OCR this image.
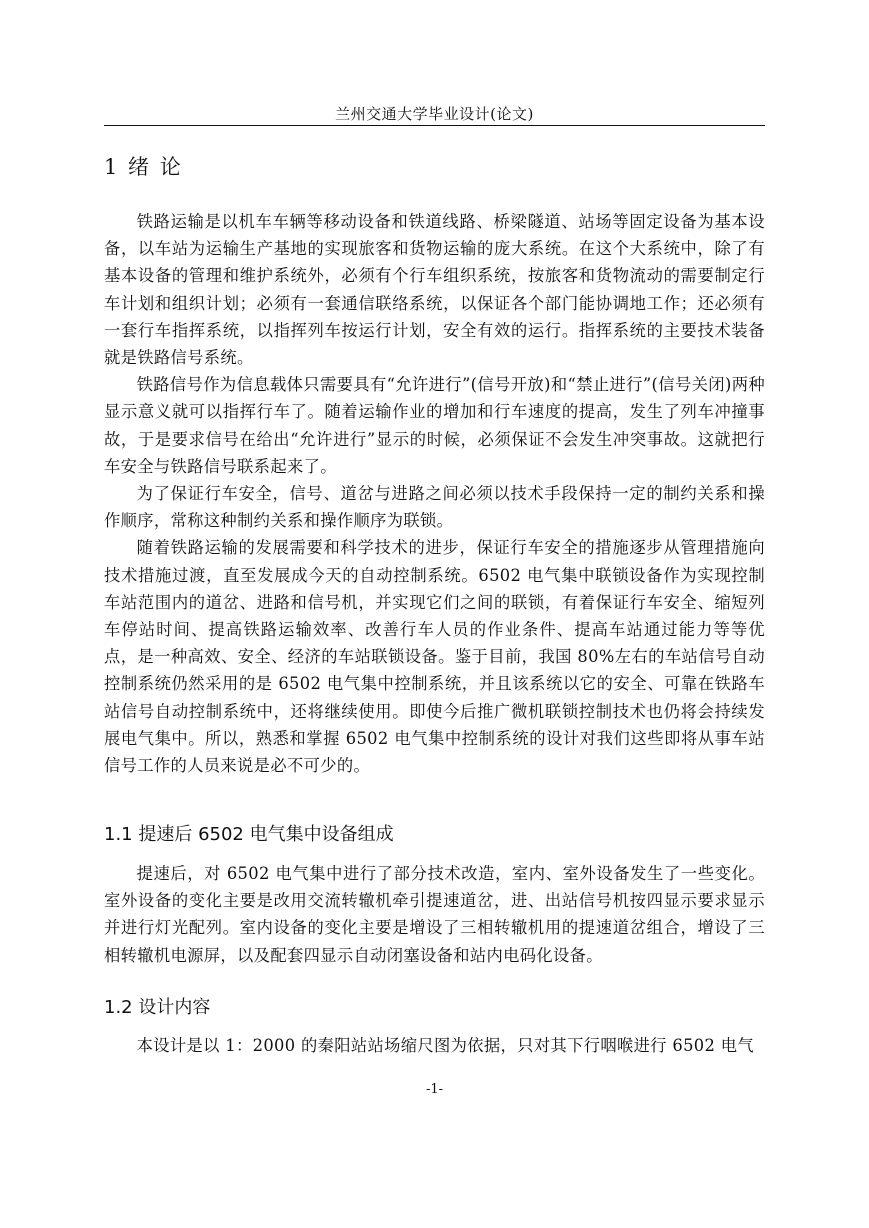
兰州交通大学毕业设计(论文)
1 绪 论

铁路运输是以机车车辆等移动设备和铁道线路、桥梁隧道、站场等固定设备为基本设备，以车站为运输生产基地的实现旅客和货物运输的庞大系统。在这个大系统中，除了有基本设备的管理和维护系统外，必须有个行车组织系统，按旅客和货物流动的需要制定行车计划和组织计划；必须有一套通信联络系统，以保证各个部门能协调地工作；还必须有一套行车指挥系统，以指挥列车按运行计划，安全有效的运行。指挥系统的主要技术装备就是铁路信号系统。

铁路信号作为信息载体只需要具有“允许进行”(信号开放)和“禁止进行”(信号关闭)两种显示意义就可以指挥行车了。随着运输作业的增加和行车速度的提高，发生了列车冲撞事故，于是要求信号在给出“允许进行”显示的时候，必须保证不会发生冲突事故。这就把行车安全与铁路信号联系起来了。

为了保证行车安全，信号、道岔与进路之间必须以技术手段保持一定的制约关系和操作顺序，常称这种制约关系和操作顺序为联锁。

随着铁路运输的发展需要和科学技术的进步，保证行车安全的措施逐步从管理措施向技术措施过渡，直至发展成今天的自动控制系统。6502 电气集中联锁设备作为实现控制车站范围内的道岔、进路和信号机，并实现它们之间的联锁，有着保证行车安全、缩短列车停站时间、提高铁路运输效率、改善行车人员的作业条件、提高车站通过能力等等优点，是一种高效、安全、经济的车站联锁设备。鉴于目前，我国 80%左右的车站信号自动控制系统仍然采用的是 6502 电气集中控制系统，并且该系统以它的安全、可靠在铁路车站信号自动控制系统中，还将继续使用。即使今后推广微机联锁控制技术也仍将会持续发展电气集中。所以，熟悉和掌握 6502 电气集中控制系统的设计对我们这些即将从事车站信号工作的人员来说是必不可少的。

1.1 提速后 6502 电气集中设备组成

提速后，对 6502 电气集中进行了部分技术改造，室内、室外设备发生了一些变化。室外设备的变化主要是改用交流转辙机牵引提速道岔，进、出站信号机按四显示要求显示并进行灯光配列。室内设备的变化主要是增设了三相转辙机用的提速道岔组合，增设了三相转辙机电源屏，以及配套四显示自动闭塞设备和站内电码化设备。

1.2 设计内容

本设计是以 1：2000 的秦阳站站场缩尺图为依据，只对其下行咽喉进行 6502 电气

-1-
